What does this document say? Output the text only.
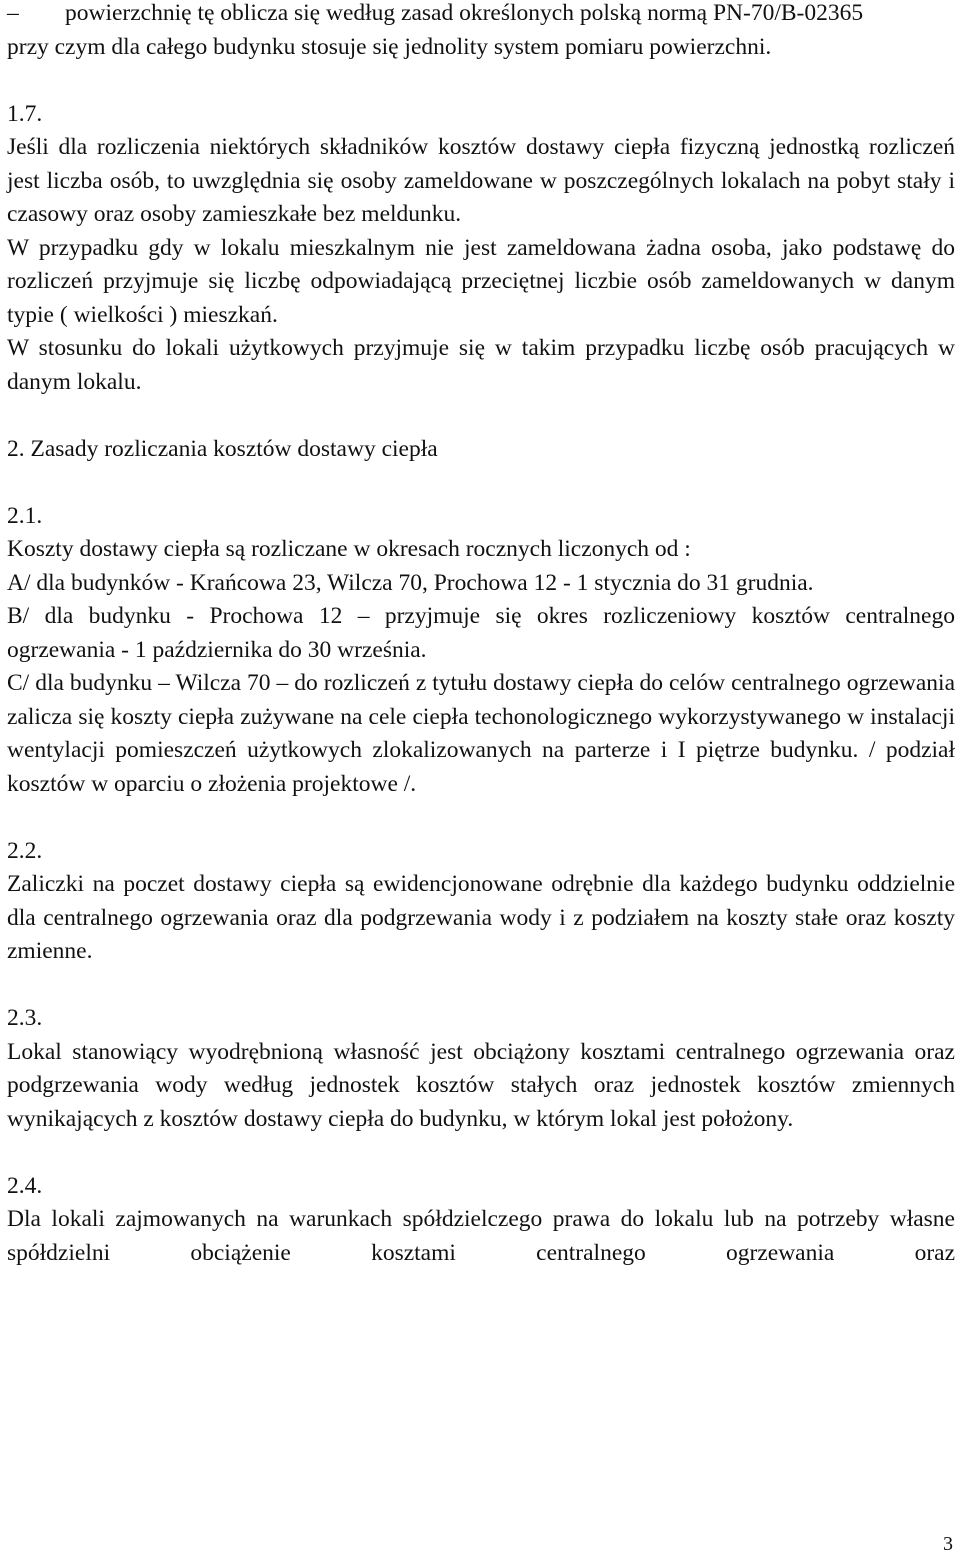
– powierzchnię tę oblicza się według zasad określonych polską normą PN-70/B-02365

przy czym dla całego budynku stosuje się jednolity system pomiaru powierzchni.

1.7.

Jeśli dla rozliczenia niektórych składników kosztów dostawy ciepła fizyczną jednostką rozliczeń jest liczba osób, to uwzględnia się osoby zameldowane w poszczególnych lokalach na pobyt stały i czasowy oraz osoby zamieszkałe bez meldunku.

W przypadku gdy w lokalu mieszkalnym nie jest zameldowana żadna osoba, jako podstawę do rozliczeń przyjmuje się liczbę odpowiadającą przeciętnej liczbie osób zameldowanych w danym typie ( wielkości ) mieszkań.

W stosunku do lokali użytkowych przyjmuje się w takim przypadku liczbę osób pracujących w danym lokalu.

2. Zasady rozliczania kosztów dostawy ciepła

2.1.

Koszty dostawy ciepła są rozliczane w okresach rocznych liczonych od :

A/ dla budynków - Krańcowa 23, Wilcza 70, Prochowa 12 - 1 stycznia do 31 grudnia.

B/ dla budynku - Prochowa 12 – przyjmuje się okres rozliczeniowy kosztów centralnego ogrzewania - 1 października do 30 września.

C/ dla budynku – Wilcza 70 – do rozliczeń z tytułu dostawy ciepła do celów centralnego ogrzewania zalicza się koszty ciepła zużywane na cele ciepła techonologicznego wykorzystywanego w instalacji wentylacji pomieszczeń użytkowych zlokalizowanych na parterze i I piętrze budynku. / podział kosztów w oparciu o złożenia projektowe /.

2.2.

Zaliczki na poczet dostawy ciepła są ewidencjonowane odrębnie dla każdego budynku oddzielnie dla centralnego ogrzewania oraz dla podgrzewania wody i z podziałem na koszty stałe oraz koszty zmienne.

2.3.

Lokal stanowiący wyodrębnioną własność jest obciążony kosztami centralnego ogrzewania oraz podgrzewania wody według jednostek kosztów stałych oraz jednostek kosztów zmiennych wynikających z kosztów dostawy ciepła do budynku, w którym lokal jest położony.

2.4.

Dla lokali zajmowanych na warunkach spółdzielczego prawa do lokalu lub na potrzeby własne spółdzielni obciążenie kosztami centralnego ogrzewania oraz

3
